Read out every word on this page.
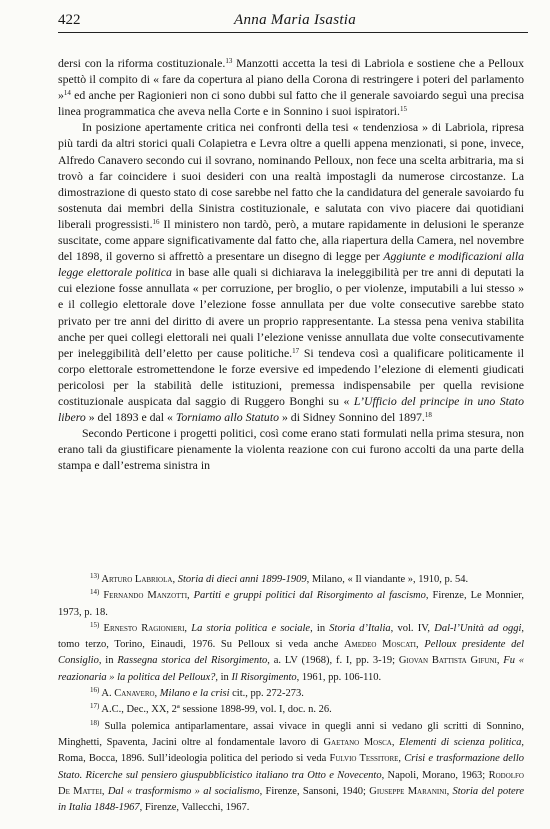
422	Anna Maria Isastia

dersi con la riforma costituzionale.$^{13}$ Manzotti accetta la tesi di Labriola e sostiene che a Pelloux spettò il compito di « fare da copertura al piano della Corona di restringere i poteri del parlamento »$^{14}$ ed anche per Ragionieri non ci sono dubbi sul fatto che il generale savoiardo seguì una precisa linea programmatica che aveva nella Corte e in Sonnino i suoi ispiratori.$^{15}$

In posizione apertamente critica nei confronti della tesi « tendenziosa » di Labriola, ripresa più tardi da altri storici quali Colapietra e Levra oltre a quelli appena menzionati, si pone, invece, Alfredo Canavero secondo cui il sovrano, nominando Pelloux, non fece una scelta arbitraria, ma si trovò a far coincidere i suoi desideri con una realtà impostagli da numerose circostanze. La dimostrazione di questo stato di cose sarebbe nel fatto che la candidatura del generale savoiardo fu sostenuta dai membri della Sinistra costituzionale, e salutata con vivo piacere dai quotidiani liberali progressisti.$^{16}$ Il ministero non tardò, però, a mutare rapidamente in delusioni le speranze suscitate, come appare significativamente dal fatto che, alla riapertura della Camera, nel novembre del 1898, il governo si affrettò a presentare un disegno di legge per Aggiunte e modificazioni alla legge elettorale politica in base alle quali si dichiarava la ineleggibilità per tre anni di deputati la cui elezione fosse annullata « per corruzione, per broglio, o per violenze, imputabili a lui stesso » e il collegio elettorale dove l’elezione fosse annullata per due volte consecutive sarebbe stato privato per tre anni del diritto di avere un proprio rappresentante. La stessa pena veniva stabilita anche per quei collegi elettorali nei quali l’elezione venisse annullata due volte consecutivamente per ineleggibilità dell’eletto per cause politiche.$^{17}$ Si tendeva così a qualificare politicamente il corpo elettorale estromettendone le forze eversive ed impedendo l’elezione di elementi giudicati pericolosi per la stabilità delle istituzioni, premessa indispensabile per quella revisione costituzionale auspicata dal saggio di Ruggero Bonghi su « L’Ufficio del principe in uno Stato libero » del 1893 e dal « Torniamo allo Statuto » di Sidney Sonnino del 1897.18

Secondo Perticone i progetti politici, così come erano stati formulati nella prima stesura, non erano tali da giustificare pienamente la violenta reazione con cui furono accolti da una parte della stampa e dall’estrema sinistra in

$^{13)}$ Arturo Labriola, Storia di dieci anni 1899-1909, Milano, « Il viandante », 1910, p. 54.

$^{14)}$ Fernando Manzotti, Partiti e gruppi politici dal Risorgimento al fascismo, Firenze, Le Monnier, 1973, p. 18.

$^{15)}$ Ernesto Ragionieri, La storia politica e sociale, in Storia d’Italia, vol. IV, Dal-l’Unità ad oggi, tomo terzo, Torino, Einaudi, 1976. Su Pelloux si veda anche Amedeo Moscati, Pelloux presidente del Consiglio, in Rassegna storica del Risorgimento, a. LV (1968), f. I, pp. 3-19; Giovan Battista Gifuni, Fu « reazionaria » la politica del Pelloux?, in Il Risorgimento, 1961, pp. 106-110.

$^{16)}$ A. Canavero, Milano e la crisi cit., pp. 272-273.

$^{17)}$ A.C., Dec., XX, 2ª sessione 1898-99, vol. I, doc. n. 26.

$^{18)}$ Sulla polemica antiparlamentare, assai vivace in quegli anni si vedano gli scritti di Sonnino, Minghetti, Spaventa, Jacini oltre al fondamentale lavoro di Gaetano Mosca, Elementi di scienza politica, Roma, Bocca, 1896. Sull’ideologia politica del periodo si veda Fulvio Tessitore, Crisi e trasformazione dello Stato. Ricerche sul pensiero giuspubblicistico italiano tra Otto e Novecento, Napoli, Morano, 1963; Rodolfo De Mattei, Dal « trasformismo » al socialismo, Firenze, Sansoni, 1940; Giuseppe Maranini, Storia del potere in Italia 1848-1967, Firenze, Vallecchi, 1967.
